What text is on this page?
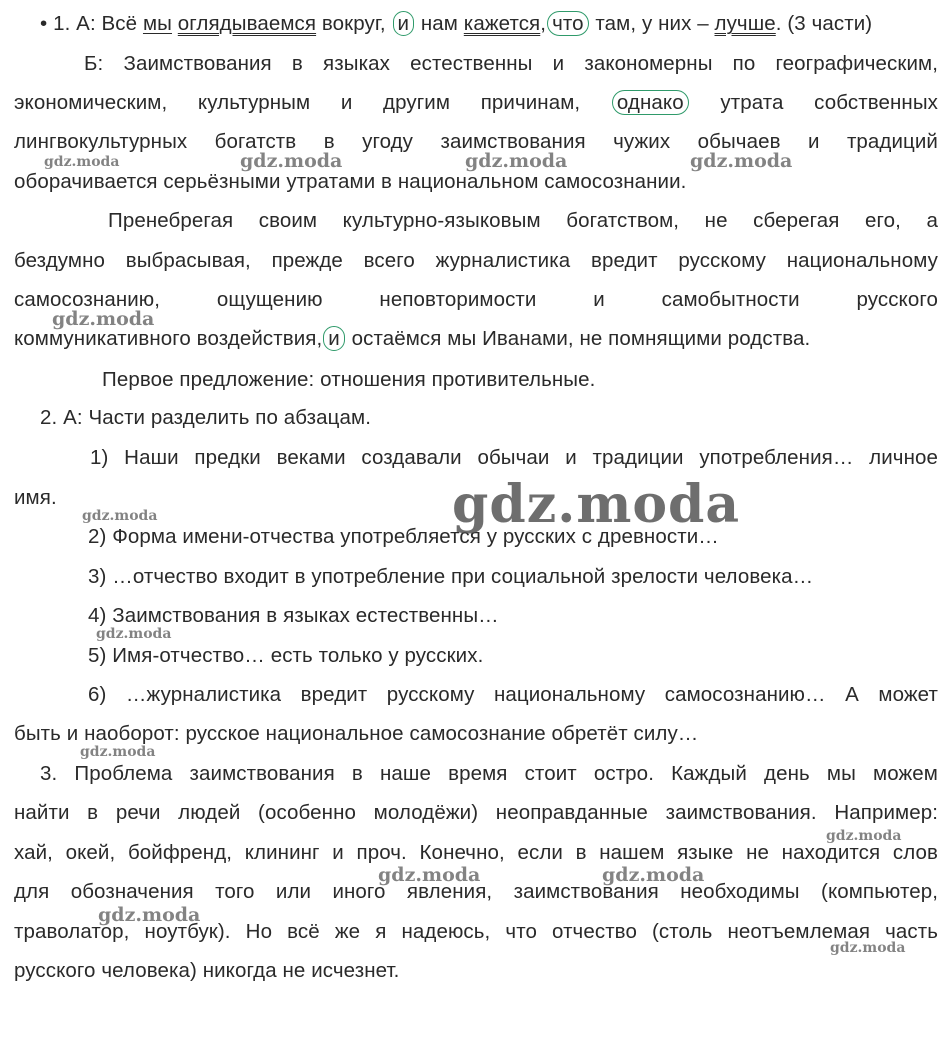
• 1. А: Всё мы оглядываемся вокруг, и нам кажется, что там, у них – лучше. (3 части)
Б: Заимствования в языках естественны и закономерны по географическим,
экономическим, культурным и другим причинам, однако утрата собственных
лингвокультурных богатств в угоду заимствования чужих обычаев и традиций
оборачивается серьёзными утратами в национальном самосознании.
Пренебрегая своим культурно-языковым богатством, не сберегая его, а
бездумно выбрасывая, прежде всего журналистика вредит русскому национальному
самосознанию, ощущению неповторимости и самобытности русского
коммуникативного воздействия, и остаёмся мы Иванами, не помнящими родства.
Первое предложение: отношения противительные.
2. А: Части разделить по абзацам.
1) Наши предки веками создавали обычаи и традиции употребления… личное
имя.
2) Форма имени-отчества употребляется у русских с древности…
3) …отчество входит в употребление при социальной зрелости человека…
4) Заимствования в языках естественны…
5) Имя-отчество… есть только у русских.
6) …журналистика вредит русскому национальному самосознанию… А может
быть и наоборот: русское национальное самосознание обретёт силу…
3. Проблема заимствования в наше время стоит остро. Каждый день мы можем
найти в речи людей (особенно молодёжи) неоправданные заимствования. Например:
хай, окей, бойфренд, клининг и проч. Конечно, если в нашем языке не находится слов
для обозначения того или иного явления, заимствования необходимы (компьютер,
траволатор, ноутбук). Но всё же я надеюсь, что отчество (столь неотъемлемая часть
русского человека) никогда не исчезнет.
gdz.moda	gdz.moda	gdz.moda	gdz.moda
gdz.moda
gdz.moda
gdz.moda
gdz.moda
gdz.moda
gdz.moda
gdz.moda	gdz.moda
gdz.moda
gdz.moda
